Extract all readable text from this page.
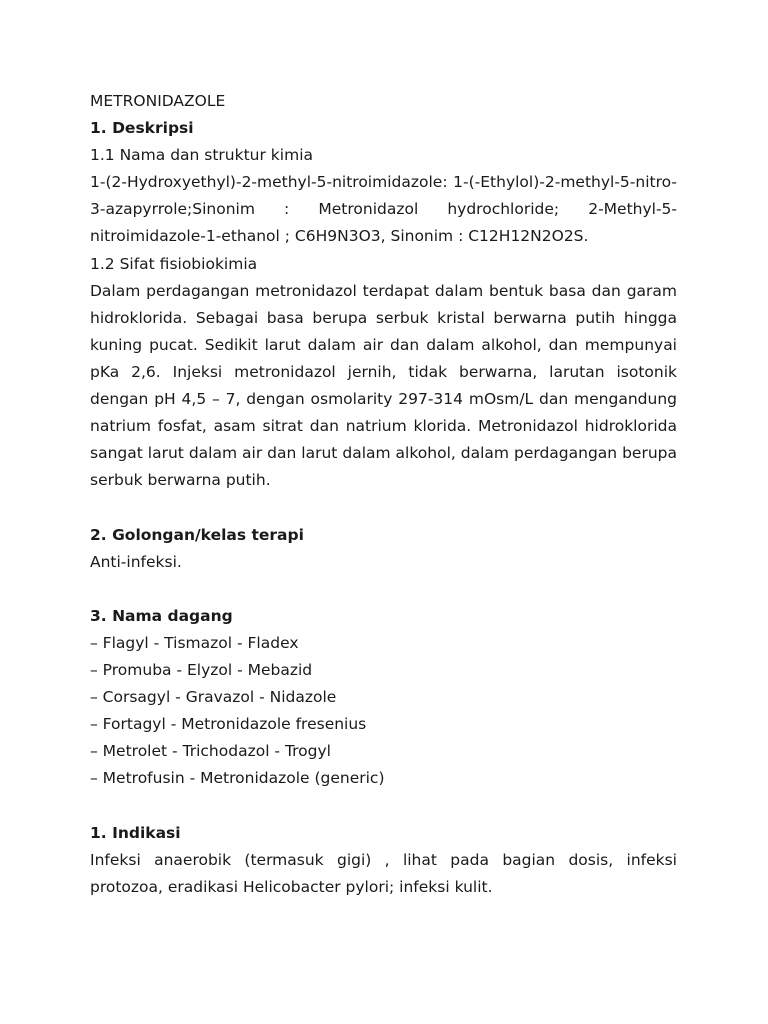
METRONIDAZOLE

1. Deskripsi

1.1 Nama dan struktur kimia

1-(2-Hydroxyethyl)-2-methyl-5-nitroimidazole: 1-(-Ethylol)-2-methyl-5-nitro-3-azapyrrole;Sinonim : Metronidazol hydrochloride; 2-Methyl-5-nitroimidazole-1-ethanol ; C6H9N3O3, Sinonim : C12H12N2O2S.

1.2 Sifat fisiobiokimia

Dalam perdagangan metronidazol terdapat dalam bentuk basa dan garam hidroklorida. Sebagai basa berupa serbuk kristal berwarna putih hingga kuning pucat. Sedikit larut dalam air dan dalam alkohol, dan mempunyai pKa 2,6. Injeksi metronidazol jernih, tidak berwarna, larutan isotonik dengan pH 4,5 – 7, dengan osmolarity 297-314 mOsm/L dan mengandung natrium fosfat, asam sitrat dan natrium klorida. Metronidazol hidroklorida sangat larut dalam air dan larut dalam alkohol, dalam perdagangan berupa serbuk berwarna putih.

2. Golongan/kelas terapi

Anti-infeksi.

3. Nama dagang

– Flagyl - Tismazol - Fladex

– Promuba - Elyzol - Mebazid

– Corsagyl - Gravazol - Nidazole

– Fortagyl - Metronidazole fresenius

– Metrolet - Trichodazol - Trogyl

– Metrofusin - Metronidazole (generic)

1. Indikasi

Infeksi anaerobik (termasuk gigi) , lihat pada bagian dosis, infeksi protozoa, eradikasi Helicobacter pylori; infeksi kulit.
